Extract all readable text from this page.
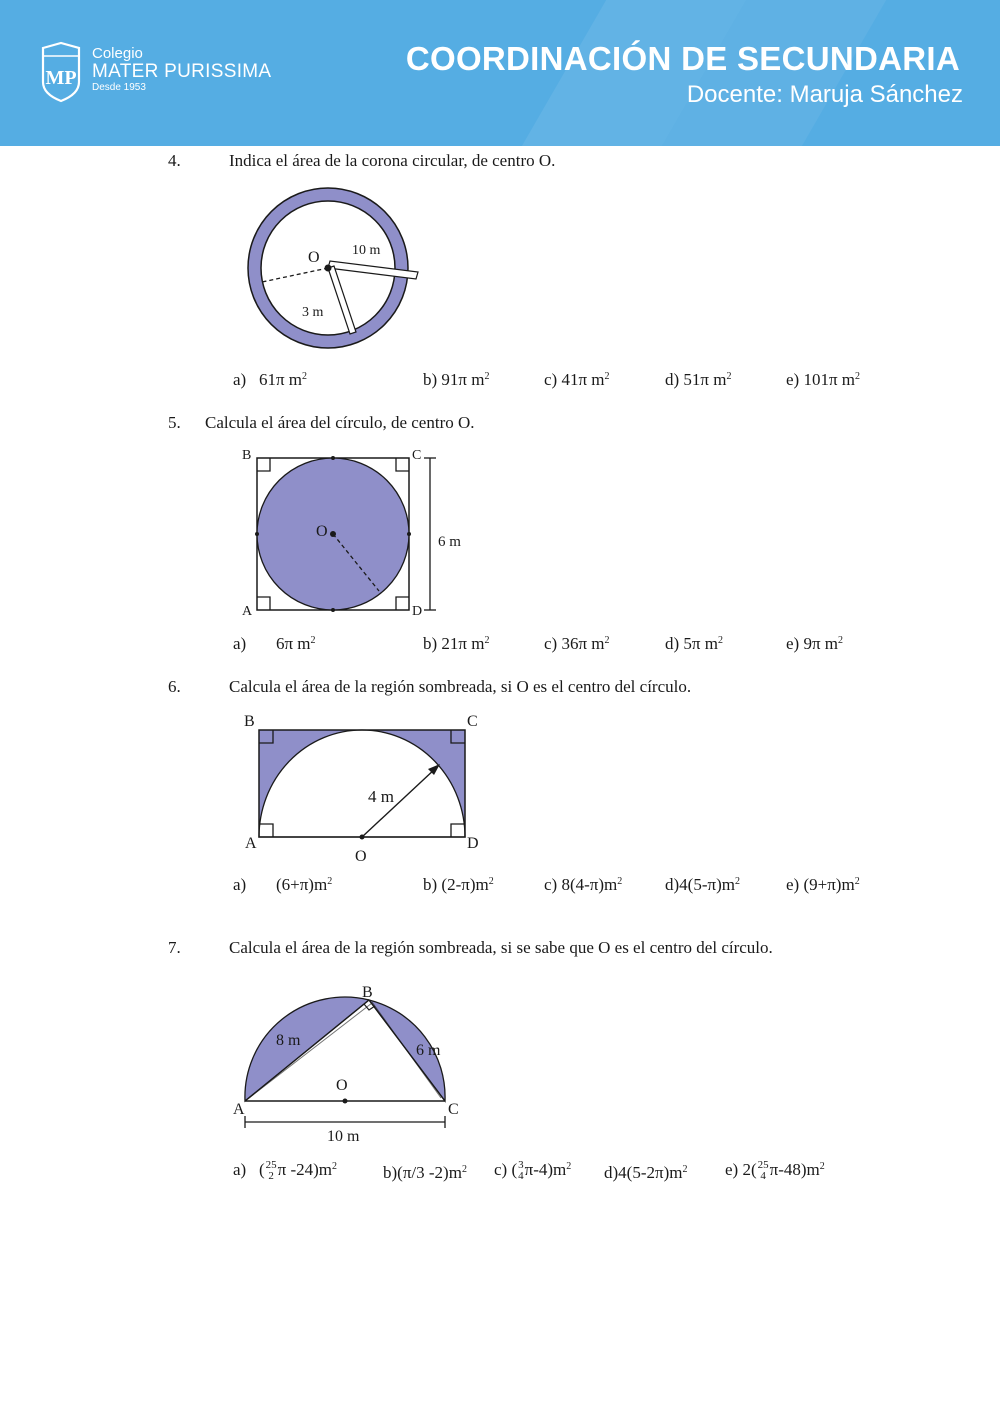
MP
Colegio
MATER PURISSIMA
Desde 1953
COORDINACIÓN DE SECUNDARIA
Docente: Maruja Sánchez
4.	Indica el área de la corona circular, de centro O.
O 10 m
3 m
a) 61π $m^2$	b) 91π $m^2$	c) 41π $m^2$	d) 51π $m^2$	e) 101π $m^2$
5. Calcula el área del círculo, de centro O.
B	C
A	D
O
6 m
a) 6π $m^2$	b) 21π $m^2$	c) 36π $m^2$	d) 5π $m^2$	e) 9π $m^2$
6.	Calcula el área de la región sombreada, si O es el centro del círculo.
B	C
A	D
O
4 m
a) $(6+\pi)m^2$	b) $(2-\pi)m^2$	c) $8(4-\pi)m^2$	$d)4(5-\pi)m^2$	e) $(9+\pi)m^2$
7.	Calcula el área de la región sombreada, si se sabe que O es el centro del círculo.
B
A	C
O
8 m
6 m
10 m
a) ( 25
2 π $-24)m^2$	b)(π/3 $-2)m^2$ c) ( 3
4 $\pi-4)m^2$ $d)4(5-2\pi)m^2$ e) 2( 25
4 $\pi-48)m^2$
